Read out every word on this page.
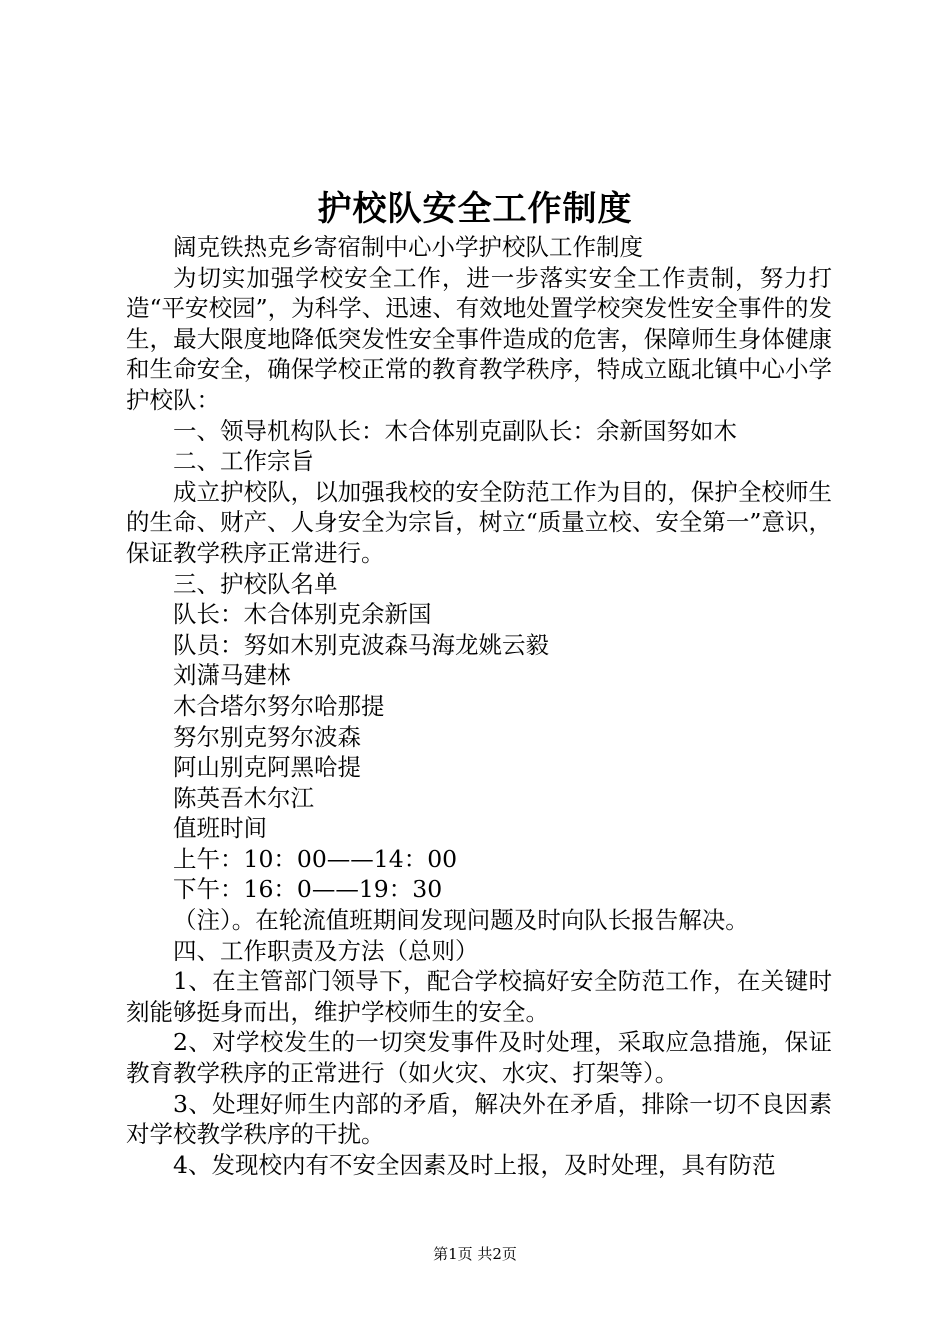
护校队安全工作制度

阔克铁热克乡寄宿制中心小学护校队工作制度

为切实加强学校安全工作，进一步落实安全工作责制，努力打造“平安校园”，为科学、迅速、有效地处置学校突发性安全事件的发生，最大限度地降低突发性安全事件造成的危害，保障师生身体健康和生命安全，确保学校正常的教育教学秩序，特成立瓯北镇中心小学护校队：

一、领导机构队长：木合体别克副队长：余新国努如木

二、工作宗旨

成立护校队，以加强我校的安全防范工作为目的，保护全校师生的生命、财产、人身安全为宗旨，树立“质量立校、安全第一”意识，保证教学秩序正常进行。

三、护校队名单

队长：木合体别克余新国

队员：努如木别克波森马海龙姚云毅

刘潇马建林

木合塔尔努尔哈那提

努尔别克努尔波森

阿山别克阿黑哈提

陈英吾木尔江

值班时间

上午：10：00——14：00

下午：16：0——19：30

（注）。在轮流值班期间发现问题及时向队长报告解决。

四、工作职责及方法（总则）

1、在主管部门领导下，配合学校搞好安全防范工作，在关键时刻能够挺身而出，维护学校师生的安全。

2、对学校发生的一切突发事件及时处理，采取应急措施，保证教育教学秩序的正常进行（如火灾、水灾、打架等）。

3、处理好师生内部的矛盾，解决外在矛盾，排除一切不良因素对学校教学秩序的干扰。

4、发现校内有不安全因素及时上报，及时处理，具有防范

第1页 共2页
